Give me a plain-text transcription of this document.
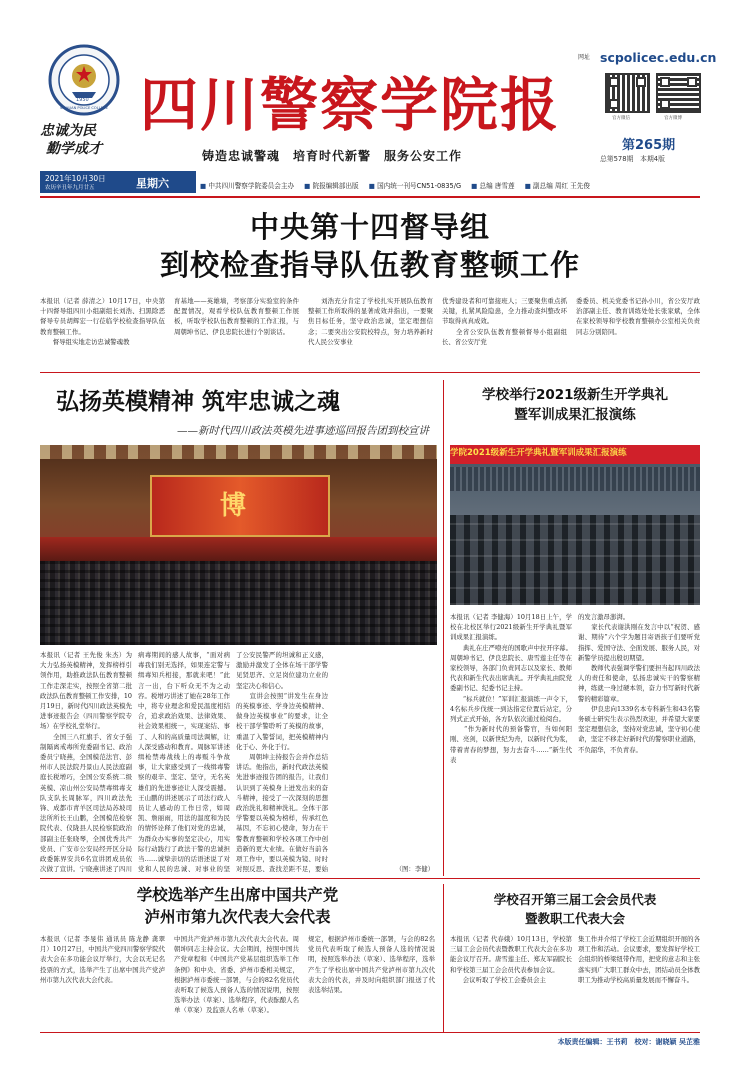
1950
SICHUAN POLICE COLLEGE
忠诚为民
勤学成才
四川警察学院报
网址 scpolicec.edu.cn
官方微信	官方微博
第265期
总第578期　本期4版
铸造忠诚警魂　培育时代新警　服务公安工作
2021年10月30日
农历辛丑年九月廿五	星期六	■ 中共四川警察学院委员会主办 ■ 院报编辑部出版 ■ 国内统一刊号CN51-0835/G ■ 总编 唐雪莲 ■ 副总编 周红 王先俊
中央第十四督导组
到校检查指导队伍教育整顿工作
本报讯（记者 薛清之）10月17日，中央第十四督导组四川小组副组长刘浩、扫黑除恶督导专员胡辉宏一行莅临学校检查指导队伍教育整顿工作。
　　督导组实地走访忠诚警魂教
育基地——英雄墙，考察部分实验室的条件配置情况，观看学校队伍教育整顿工作展板，听取学校队伍教育整顿的工作汇报，与周朝坤书记、伊良忠院长进行个别谈话。
　　刘浩充分肯定了学校扎实开展队伍教育整顿工作所取得的显著成效并指出，一要聚焦目标任务，坚守政治忠诚，坚定理想信念；二要突出公安院校特点，努力培养新时代人民公安事业
优秀建设者和可靠接班人；三要聚焦重点抓关键，扎紧风险隐患，全力推动查纠整改环节取得真真成效。
　　全省公安队伍教育整顿督导小组副组长、省公安厅党
委委员、机关党委书记孙小川，省公安厅政治部副主任、教育训练处处长张家斌，全体在家校领导和学校教育整顿办公室相关负责同志分别陪同。
弘扬英模精神 筑牢忠诚之魂
——新时代四川政法英模先进事迹巡回报告团到校宣讲
博
本报讯（记者 王先俊 朱杰）为大力弘扬英模精神，发挥榜样引领作用，助推政法队伍教育整顿工作走深走实，按照全省第二批政法队伍教育整顿工作安排，10月19日，新时代四川政法英模先进事迹报告会（四川警察学院专场）在学校礼堂举行。
　　全国三八红旗手、省女子强制隔离戒毒所党委副书记、政治委员宁晓燕，全国模范法官、彭州市人民法院丹景山人民法庭副庭长税增巧，全国公安系统二级英模、凉山州公安局禁毒缉毒支队支队长周脉军，四川政法先锋、成都市青羊区司法局苏坡司法所所长王山鹏，全国模范检察院代表、仪陇县人民检察院政治部副主任张晓琴，全国优秀共产党员、广安市公安局经开区分局政委陈界安共6名宣讲团成员依次做了宣讲。宁晓燕讲述了四川
病毒期间的感人故事，“面对病毒我们别无选择，如果连定警与缉毒知兵相接，那就来吧！”此言一出，台下听众无不为之动容。税增巧讲述了她在28年工作中，将专业理念和爱民温度相结合，追求政治效果、法律效果、社会效果相统一，实现案结、事了、人和的高质量司法调解，让人深受感动和教育。周脉军讲述缉枪禁毒战线上的毒贩斗争故事，让大家感受到了一线缉毒警察的艰辛、坚定、坚守，无名英雄们的先进事迹让人深受震撼。王山鹏的讲述展示了司法行政人员让人感动的工作日常，如周凯、詹丽雨，用法的温度和为民的情怀诠释了他们对党的忠诚，为群众办实事的坚定决心，用实际行动践行了政法干警的忠诚担当……诚挚亲切的话语述说了对党和人民的忠诚、对事业的坚
了公安民警严的坦诚和正义感，激励并激发了全体在场干部学警见贤思齐、立足岗位建功立业的坚定决心和信心。
　　宣讲会按照“讲发生在身边的英模事迹、学身边英模精神、做身边英模事业”的要求，让全校干部学警聆听了英模的故事，重温了入警誓词，把英模精神内化于心、外化于行。
　　周朝坤主持报告会并作总结讲话。他指出，新时代政法英模先进事迹报告团的报告，让我们认识到了英模身上迸发出来的奋斗精神，接受了一次深刻的思想政治洗礼和精神洗礼。全体干部学警要以英模为榜样，传承红色基因，不忘初心使命，努力在干警教育整顿和学校各项工作中创造新的更大业绩。在做好当前各项工作中，要以英模为镜、时时对照反思、查找差距不足，要始	（图：李健）
学校举行2021级新生开学典礼
暨军训成果汇报演练
学院2021级新生开学典礼暨军训成果汇报演练
本报讯（记者 李健海）10月18日上午，学校在北校区举行2021级新生开学典礼暨军训成果汇报演练。
　　典礼在庄严嘹亮的国歌声中拉开序幕。周朝坤书记、伊良忠院长、唐雪莲主任等在家校领导，各部门负责同志以及家长、教师代表和新生代表出席典礼。开学典礼由院党委副书记、纪委书记主持。
　　“标兵就位！”军训汇报演练一声令下，4名标兵步伐统一到达指定位置后站定，分列式正式开始，各方队依次通过检阅台。
　　“作为新时代的预备警官，当如何阳刚、亮剑，以新世纪为舟，以新时代为浆，带着青春的梦想，努力去奋斗……”新生代表
的发言激昂澎湃。
　　家长代表谢洪刚在发言中以“祝贺、感谢、期待”六个字为题目寄语孩子们要听党指挥、爱国守法、全面发展、服务人民，对新警学员提出殷切期望。
　　教师代表强调学警们要担当起四川政法人的责任和使命，弘扬忠诚实干的警察精神，练就一身过硬本领，奋力书写新时代新警的精彩篇章。
　　伊良忠向1339名本专科新生和43名警务硕士研究生表示热烈欢迎，并希望大家要坚定理想信念，坚持对党忠诚，坚守初心使命，坚定不移走好新时代的警察职业道路，不负韶华，不负青春。
学校选举产生出席中国共产党
泸州市第九次代表大会代表
本报讯（记者 李旻伟 通讯员 陈龙静 龚翠月）10月27日，中国共产党四川警察学院代表大会在多功能会议厅举行，大会以无记名投票的方式，选举产生了出席中国共产党泸州市第九次代表大会代表。
中国共产党泸州市第九次代表大会代表。周朝坤同志主持会议。大会期间，按照中国共产党章程和《中国共产党基层组织选举工作条例》和中央、省委、泸州市委相关规定，根据泸州市委统一部署，与会的82名党员代表听取了候选人预备人选的情况说明，按照选举办法（草案）、选举程序，代表酝酿人名单（草案）及监票人名单（草案）。
规定，根据泸州市委统一部署，与会的82名党员代表听取了候选人预备人选的情况说明，按照选举办法（草案）、选举程序，选举产生了学校出席中国共产党泸州市第九次代表大会的代表，并及时向组织部门报送了代表选举结果。
学校召开第三届工会会员代表
暨教职工代表大会
本报讯（记者 代春娥）10月13日，学校第三届工会会员代表暨教职工代表大会在多功能会议厅召开。唐雪莲主任、郑友军副院长和学校第三届工会会员代表参加会议。
　　会议听取了学校工会委员会主
集工作并介绍了学校工会近期组织开展的各项工作和活动。会议要求，要发挥好学校工会组织的桥梁纽带作用，把党的意志和主张落实到广大职工群众中去，团结动员全体教职工为推动学校高质量发展而不懈奋斗。
本版责任编辑：王书莉　校对：谢晓颖 吴芷雅
